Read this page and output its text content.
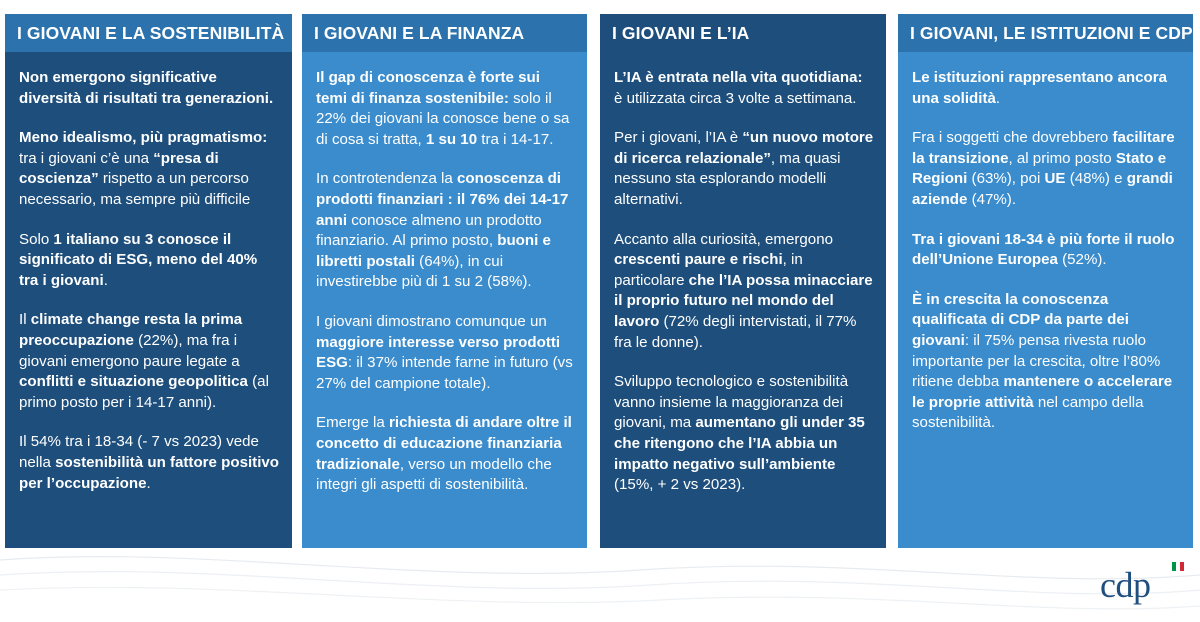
I GIOVANI E LA SOSTENIBILITÀ

Non emergono significative diversità di risultati tra generazioni.

Meno idealismo, più pragmatismo: tra i giovani c’è una “presa di coscienza” rispetto a un percorso necessario, ma sempre più difficile

Solo 1 italiano su 3 conosce il significato di ESG, meno del 40% tra i giovani.

Il climate change resta la prima preoccupazione (22%), ma fra i giovani emergono paure legate a conflitti e situazione geopolitica (al primo posto per i 14-17 anni).

Il 54% tra i 18-34 (- 7 vs 2023) vede nella sostenibilità un fattore positivo per l’occupazione.

I GIOVANI E LA FINANZA

Il gap di conoscenza è forte sui temi di finanza sostenibile: solo il 22% dei giovani la conosce bene o sa di cosa si tratta, 1 su 10 tra i 14-17.

In controtendenza la conoscenza di prodotti finanziari : il 76% dei 14-17 anni conosce almeno un prodotto finanziario. Al primo posto, buoni e libretti postali (64%), in cui investirebbe più di 1 su 2 (58%).

I giovani dimostrano comunque un maggiore interesse verso prodotti ESG: il 37% intende farne in futuro (vs 27% del campione totale).

Emerge la richiesta di andare oltre il concetto di educazione finanziaria tradizionale, verso un modello che integri gli aspetti di sostenibilità.

I GIOVANI E L’IA

L’IA è entrata nella vita quotidiana: è utilizzata circa 3 volte a settimana.

Per i giovani, l’IA è “un nuovo motore di ricerca relazionale”, ma quasi nessuno sta esplorando modelli alternativi.

Accanto alla curiosità, emergono crescenti paure e rischi, in particolare che l’IA possa minacciare il proprio futuro nel mondo del lavoro (72% degli intervistati, il 77% fra le donne).

Sviluppo tecnologico e sostenibilità vanno insieme la maggioranza dei giovani, ma aumentano gli under 35 che ritengono che l’IA abbia un impatto negativo sull’ambiente (15%, + 2 vs 2023).

I GIOVANI, LE ISTITUZIONI E CDP

Le istituzioni rappresentano ancora una solidità.

Fra i soggetti che dovrebbero facilitare la transizione, al primo posto Stato e Regioni (63%), poi UE (48%) e grandi aziende (47%).

Tra i giovani 18-34 è più forte il ruolo dell’Unione Europea (52%).

È in crescita la conoscenza qualificata di CDP da parte dei giovani: il 75% pensa rivesta ruolo importante per la crescita, oltre l’80% ritiene debba mantenere o accelerare le proprie attività nel campo della sostenibilità.

cdp
